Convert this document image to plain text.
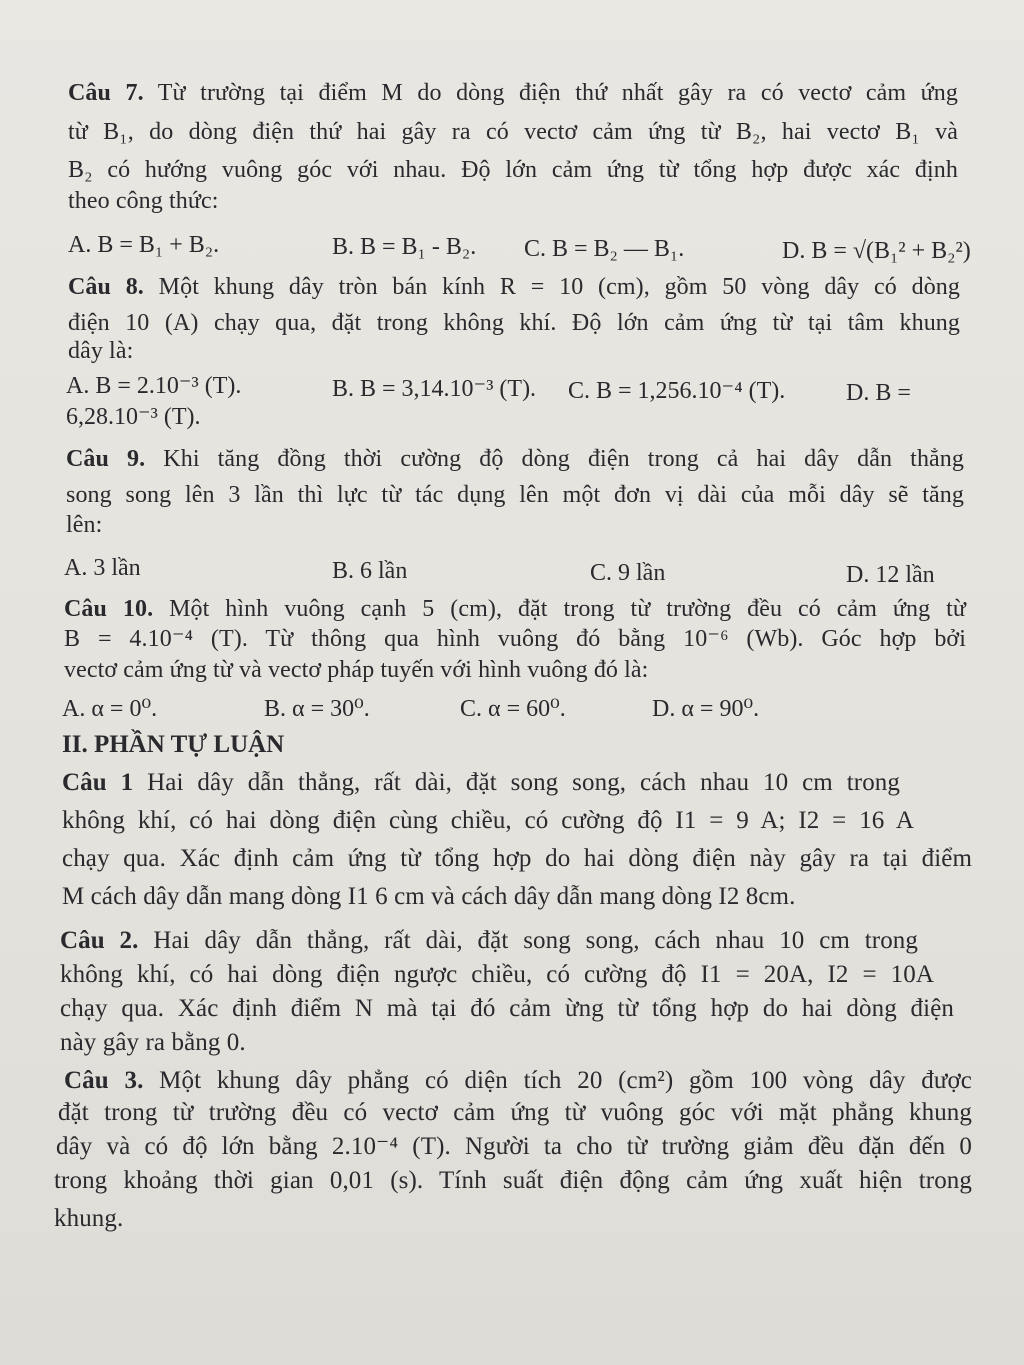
Câu 7. Từ trường tại điểm M do dòng điện thứ nhất gây ra có vectơ cảm ứng
từ B₁, do dòng điện thứ hai gây ra có vectơ cảm ứng từ B₂, hai vectơ B₁ và
B₂ có hướng vuông góc với nhau. Độ lớn cảm ứng từ tổng hợp được xác định
theo công thức:
A. B = B₁ + B₂.	B. B = B₁ - B₂. C. B = B₂ — B₁.	D. B = √(B₁² + B₂²)
Câu 8. Một khung dây tròn bán kính R = 10 (cm), gồm 50 vòng dây có dòng
điện 10 (A) chạy qua, đặt trong không khí. Độ lớn cảm ứng từ tại tâm khung
dây là:
A. B = 2.10⁻³ (T).	B. B = 3,14.10⁻³ (T). C. B = 1,256.10⁻⁴ (T).	D. B =
6,28.10⁻³ (T).
Câu 9. Khi tăng đồng thời cường độ dòng điện trong cả hai dây dẫn thẳng
song song lên 3 lần thì lực từ tác dụng lên một đơn vị dài của mỗi dây sẽ tăng
lên:
A. 3 lần	B. 6 lần	C. 9 lần	D. 12 lần
Câu 10. Một hình vuông cạnh 5 (cm), đặt trong từ trường đều có cảm ứng từ
B = 4.10⁻⁴ (T). Từ thông qua hình vuông đó bằng 10⁻⁶ (Wb). Góc hợp bởi
vectơ cảm ứng từ và vectơ pháp tuyến với hình vuông đó là:
A. α = 0⁰.	B. α = 30⁰.	C. α = 60⁰.	D. α = 90⁰.
II. PHẦN TỰ LUẬN
Câu 1 Hai dây dẫn thẳng, rất dài, đặt song song, cách nhau 10 cm trong
không khí, có hai dòng điện cùng chiều, có cường độ I1 = 9 A; I2 = 16 A
chạy qua. Xác định cảm ứng từ tổng hợp do hai dòng điện này gây ra tại điểm
M cách dây dẫn mang dòng I1 6 cm và cách dây dẫn mang dòng I2 8cm.
Câu 2. Hai dây dẫn thẳng, rất dài, đặt song song, cách nhau 10 cm trong
không khí, có hai dòng điện ngược chiều, có cường độ I1 = 20A, I2 = 10A
chạy qua. Xác định điểm N mà tại đó cảm ừng từ tổng hợp do hai dòng điện
này gây ra bằng 0.
Câu 3. Một khung dây phẳng có diện tích 20 (cm²) gồm 100 vòng dây được
đặt trong từ trường đều có vectơ cảm ứng từ vuông góc với mặt phẳng khung
dây và có độ lớn bằng 2.10⁻⁴ (T). Người ta cho từ trường giảm đều đặn đến 0
trong khoảng thời gian 0,01 (s). Tính suất điện động cảm ứng xuất hiện trong
khung.
